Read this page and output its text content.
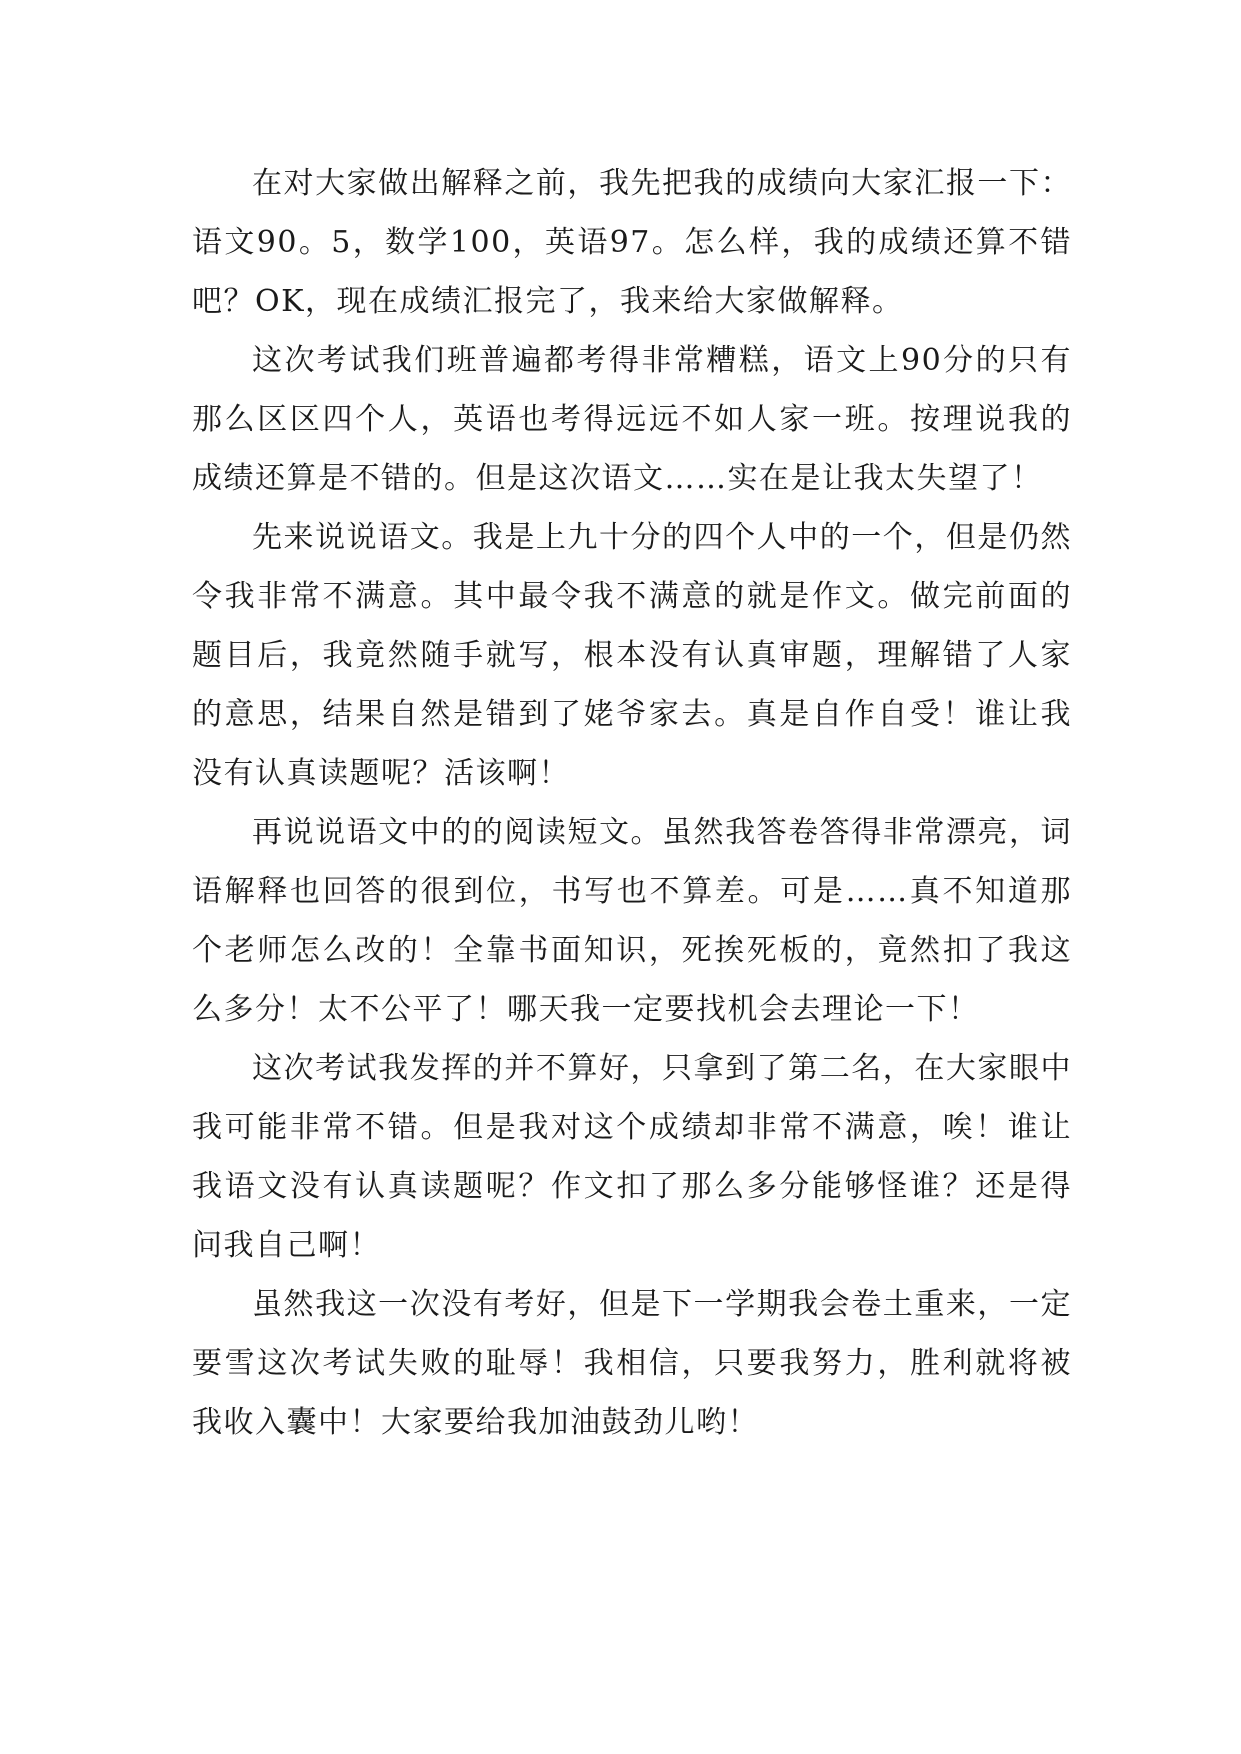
在对大家做出解释之前，我先把我的成绩向大家汇报一下：语文90。5，数学100，英语97。怎么样，我的成绩还算不错吧？OK，现在成绩汇报完了，我来给大家做解释。

这次考试我们班普遍都考得非常糟糕，语文上90分的只有那么区区四个人，英语也考得远远不如人家一班。按理说我的成绩还算是不错的。但是这次语文……实在是让我太失望了！

先来说说语文。我是上九十分的四个人中的一个，但是仍然令我非常不满意。其中最令我不满意的就是作文。做完前面的题目后，我竟然随手就写，根本没有认真审题，理解错了人家的意思，结果自然是错到了姥爷家去。真是自作自受！谁让我没有认真读题呢？活该啊！

再说说语文中的的阅读短文。虽然我答卷答得非常漂亮，词语解释也回答的很到位，书写也不算差。可是……真不知道那个老师怎么改的！全靠书面知识，死挨死板的，竟然扣了我这么多分！太不公平了！哪天我一定要找机会去理论一下！

这次考试我发挥的并不算好，只拿到了第二名，在大家眼中我可能非常不错。但是我对这个成绩却非常不满意，唉！谁让我语文没有认真读题呢？作文扣了那么多分能够怪谁？还是得问我自己啊！

虽然我这一次没有考好，但是下一学期我会卷土重来，一定要雪这次考试失败的耻辱！我相信，只要我努力，胜利就将被我收入囊中！大家要给我加油鼓劲儿哟！
